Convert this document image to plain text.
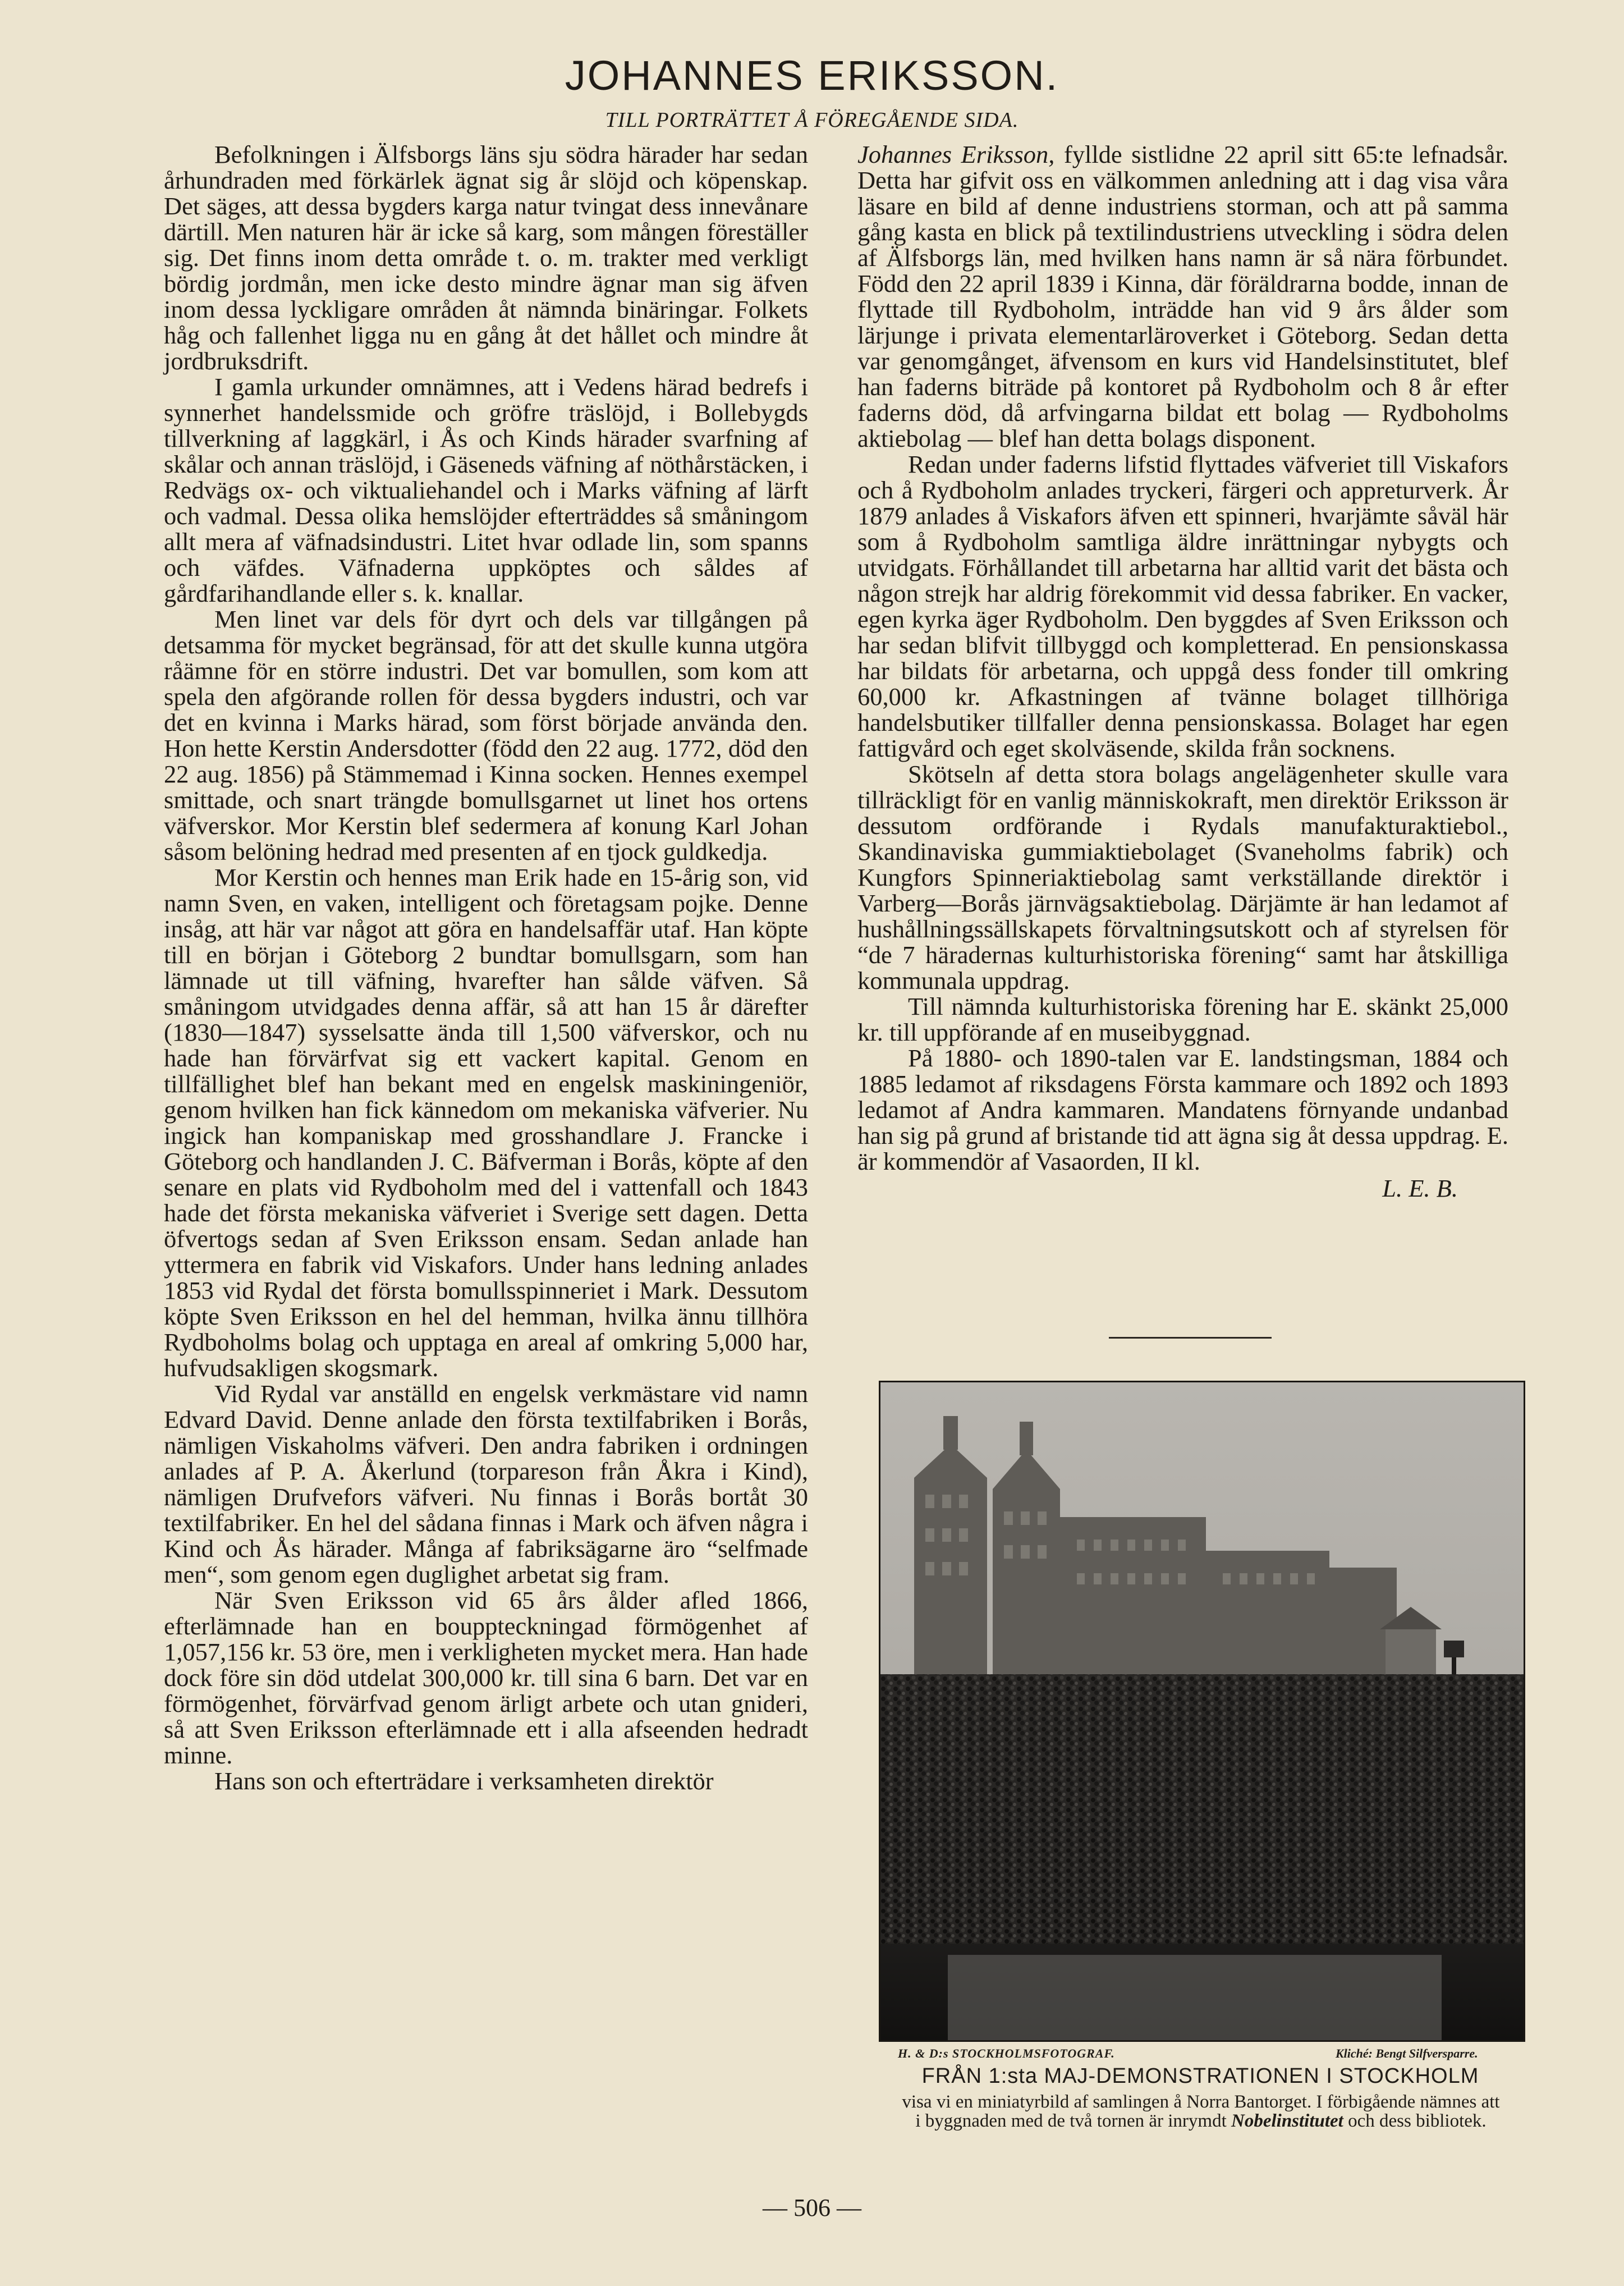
JOHANNES ERIKSSON.
TILL PORTRÄTTET Å FÖREGÅENDE SIDA.

Befolkningen i Älfsborgs läns sju södra härader har sedan århundraden med förkärlek ägnat sig år slöjd och köpenskap. Det säges, att dessa bygders karga natur tvingat dess innevånare därtill. Men naturen här är icke så karg, som mången föreställer sig. Det finns inom detta område t. o. m. trakter med verkligt bördig jordmån, men icke desto mindre ägnar man sig äfven inom dessa lyckligare områden åt nämnda binäringar. Folkets håg och fallenhet ligga nu en gång åt det hållet och mindre åt jordbruksdrift.

I gamla urkunder omnämnes, att i Vedens härad bedrefs i synnerhet handelssmide och gröfre träslöjd, i Bollebygds tillverkning af laggkärl, i Ås och Kinds härader svarfning af skålar och annan träslöjd, i Gäseneds väfning af nöthårstäcken, i Redvägs ox- och viktualiehandel och i Marks väfning af lärft och vadmal. Dessa olika hemslöjder efterträddes så småningom allt mera af väfnadsindustri. Litet hvar odlade lin, som spanns och väfdes. Väfnaderna uppköptes och såldes af gårdfarihandlande eller s. k. knallar.

Men linet var dels för dyrt och dels var tillgången på detsamma för mycket begränsad, för att det skulle kunna utgöra råämne för en större industri. Det var bomullen, som kom att spela den afgörande rollen för dessa bygders industri, och var det en kvinna i Marks härad, som först började använda den. Hon hette Kerstin Andersdotter (född den 22 aug. 1772, död den 22 aug. 1856) på Stämmemad i Kinna socken. Hennes exempel smittade, och snart trängde bomullsgarnet ut linet hos ortens väfverskor. Mor Kerstin blef sedermera af konung Karl Johan såsom belöning hedrad med presenten af en tjock guldkedja.

Mor Kerstin och hennes man Erik hade en 15-årig son, vid namn Sven, en vaken, intelligent och företagsam pojke. Denne insåg, att här var något att göra en handelsaffär utaf. Han köpte till en början i Göteborg 2 bundtar bomullsgarn, som han lämnade ut till väfning, hvarefter han sålde väfven. Så småningom utvidgades denna affär, så att han 15 år därefter (1830—1847) sysselsatte ända till 1,500 väfverskor, och nu hade han förvärfvat sig ett vackert kapital. Genom en tillfällighet blef han bekant med en engelsk maskiningeniör, genom hvilken han fick kännedom om mekaniska väfverier. Nu ingick han kompaniskap med grosshandlare J. Francke i Göteborg och handlanden J. C. Bäfverman i Borås, köpte af den senare en plats vid Rydboholm med del i vattenfall och 1843 hade det första mekaniska väfveriet i Sverige sett dagen. Detta öfvertogs sedan af Sven Eriksson ensam. Sedan anlade han yttermera en fabrik vid Viskafors. Under hans ledning anlades 1853 vid Rydal det första bomullsspinneriet i Mark. Dessutom köpte Sven Eriksson en hel del hemman, hvilka ännu tillhöra Rydboholms bolag och upptaga en areal af omkring 5,000 har, hufvudsakligen skogsmark.

Vid Rydal var anställd en engelsk verkmästare vid namn Edvard David. Denne anlade den första textilfabriken i Borås, nämligen Viskaholms väfveri. Den andra fabriken i ordningen anlades af P. A. Åkerlund (torpareson från Åkra i Kind), nämligen Drufvefors väfveri. Nu finnas i Borås bortåt 30 textilfabriker. En hel del sådana finnas i Mark och äfven några i Kind och Ås härader. Många af fabriksägarne äro “selfmade men“, som genom egen duglighet arbetat sig fram.

När Sven Eriksson vid 65 års ålder afled 1866, efterlämnade han en bouppteckningad förmögenhet af 1,057,156 kr. 53 öre, men i verkligheten mycket mera. Han hade dock före sin död utdelat 300,000 kr. till sina 6 barn. Det var en förmögenhet, förvärfvad genom ärligt arbete och utan gnideri, så att Sven Eriksson efterlämnade ett i alla afseenden hedradt minne.

Hans son och efterträdare i verksamheten direktör

Johannes Eriksson, fyllde sistlidne 22 april sitt 65:te lefnadsår. Detta har gifvit oss en välkommen anledning att i dag visa våra läsare en bild af denne industriens storman, och att på samma gång kasta en blick på textilindustriens utveckling i södra delen af Älfsborgs län, med hvilken hans namn är så nära förbundet. Född den 22 april 1839 i Kinna, där föräldrarna bodde, innan de flyttade till Rydboholm, inträdde han vid 9 års ålder som lärjunge i privata elementarläroverket i Göteborg. Sedan detta var genomgånget, äfvensom en kurs vid Handelsinstitutet, blef han faderns biträde på kontoret på Rydboholm och 8 år efter faderns död, då arfvingarna bildat ett bolag — Rydboholms aktiebolag — blef han detta bolags disponent.

Redan under faderns lifstid flyttades väfveriet till Viskafors och å Rydboholm anlades tryckeri, färgeri och appreturverk. År 1879 anlades å Viskafors äfven ett spinneri, hvarjämte såväl här som å Rydboholm samtliga äldre inrättningar nybygts och utvidgats. Förhållandet till arbetarna har alltid varit det bästa och någon strejk har aldrig förekommit vid dessa fabriker. En vacker, egen kyrka äger Rydboholm. Den byggdes af Sven Eriksson och har sedan blifvit tillbyggd och kompletterad. En pensionskassa har bildats för arbetarna, och uppgå dess fonder till omkring 60,000 kr. Afkastningen af tvänne bolaget tillhöriga handelsbutiker tillfaller denna pensionskassa. Bolaget har egen fattigvård och eget skolväsende, skilda från socknens.

Skötseln af detta stora bolags angelägenheter skulle vara tillräckligt för en vanlig människokraft, men direktör Eriksson är dessutom ordförande i Rydals manufakturaktiebol., Skandinaviska gummiaktiebolaget (Svaneholms fabrik) och Kungfors Spinneriaktiebolag samt verkställande direktör i Varberg—Borås järnvägsaktiebolag. Därjämte är han ledamot af hushållningssällskapets förvaltningsutskott och af styrelsen för “de 7 häradernas kulturhistoriska förening“ samt har åtskilliga kommunala uppdrag.

Till nämnda kulturhistoriska förening har E. skänkt 25,000 kr. till uppförande af en museibyggnad.

På 1880- och 1890-talen var E. landstingsman, 1884 och 1885 ledamot af riksdagens Första kammare och 1892 och 1893 ledamot af Andra kammaren. Mandatens förnyande undanbad han sig på grund af bristande tid att ägna sig åt dessa uppdrag. E. är kommendör af Vasaorden, II kl.

L. E. B.

H. & D:s STOCKHOLMSFOTOGRAF.	Kliché: Bengt Silfversparre.
FRÅN 1:sta MAJ-DEMONSTRATIONEN I STOCKHOLM
visa vi en miniatyrbild af samlingen å Norra Bantorget. I förbigående nämnes att i byggnaden med de två tornen är inrymdt Nobelinstitutet och dess bibliotek.
— 506 —
